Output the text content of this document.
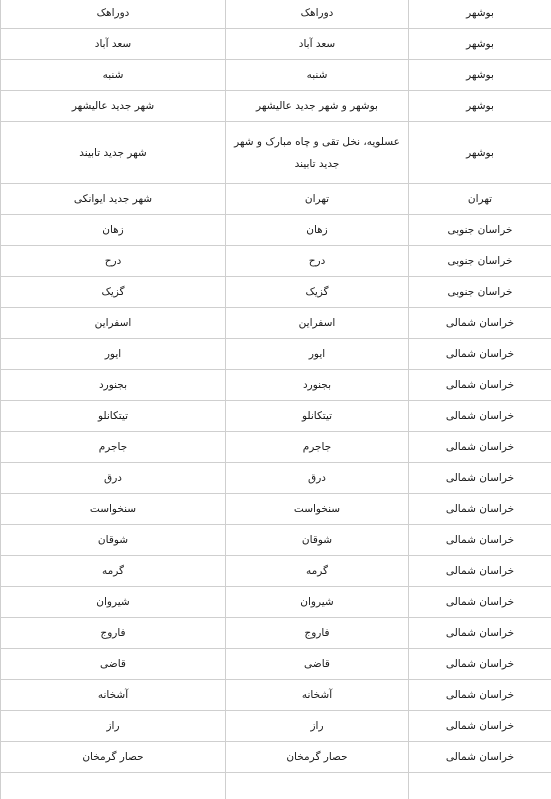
بوشهر	دوراهک	دوراهک
بوشهر	سعد آباد	سعد آباد
بوشهر	شنبه	شنبه
بوشهر	بوشهر و شهر جدید عالیشهر	شهر جدید عالیشهر
بوشهر	عسلویه، نخل تقی و چاه مبارک و شهر جدید تابیند	شهر جدید تابیند
تهران	تهران	شهر جدید ایوانکی
خراسان جنوبی	زهان	زهان
خراسان جنوبی	درح	درح
خراسان جنوبی	گزیک	گزیک
خراسان شمالی	اسفراین	اسفراین
خراسان شمالی	ایور	ایور
خراسان شمالی	بجنورد	بجنورد
خراسان شمالی	تیتکانلو	تیتکانلو
خراسان شمالی	جاجرم	جاجرم
خراسان شمالی	درق	درق
خراسان شمالی	سنخواست	سنخواست
خراسان شمالی	شوقان	شوقان
خراسان شمالی	گرمه	گرمه
خراسان شمالی	شیروان	شیروان
خراسان شمالی	فاروج	فاروج
خراسان شمالی	قاضی	قاضی
خراسان شمالی	آشخانه	آشخانه
خراسان شمالی	راز	راز
خراسان شمالی	حصار گرمخان	حصار گرمخان
